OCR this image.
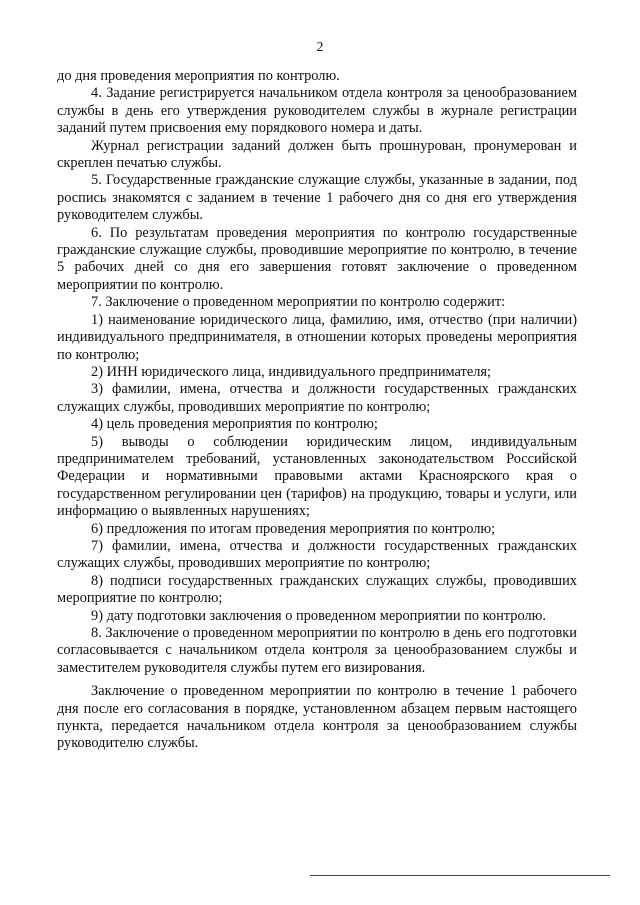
2

до дня проведения мероприятия по контролю.

4. Задание регистрируется начальником отдела контроля за ценообразованием службы в день его утверждения руководителем службы в журнале регистрации заданий путем присвоения ему порядкового номера и даты.

Журнал регистрации заданий должен быть прошнурован, пронумерован и скреплен печатью службы.

5. Государственные гражданские служащие службы, указанные в задании, под роспись знакомятся с заданием в течение 1 рабочего дня со дня его утверждения руководителем службы.

6. По результатам проведения мероприятия по контролю государственные гражданские служащие службы, проводившие мероприятие по контролю, в течение 5 рабочих дней со дня его завершения готовят заключение о проведенном мероприятии по контролю.

7. Заключение о проведенном мероприятии по контролю содержит:

1) наименование юридического лица, фамилию, имя, отчество (при наличии) индивидуального предпринимателя, в отношении которых проведены мероприятия по контролю;

2) ИНН юридического лица, индивидуального предпринимателя;

3) фамилии, имена, отчества и должности государственных гражданских служащих службы, проводивших мероприятие по контролю;

4) цель проведения мероприятия по контролю;

5) выводы о соблюдении юридическим лицом, индивидуальным предпринимателем требований, установленных законодательством Российской Федерации и нормативными правовыми актами Красноярского края о государственном регулировании цен (тарифов) на продукцию, товары и услуги, или информацию о выявленных нарушениях;

6) предложения по итогам проведения мероприятия по контролю;

7) фамилии, имена, отчества и должности государственных гражданских служащих службы, проводивших мероприятие по контролю;

8) подписи государственных гражданских служащих службы, проводивших мероприятие по контролю;

9) дату подготовки заключения о проведенном мероприятии по контролю.

8. Заключение о проведенном мероприятии по контролю в день его подготовки согласовывается с начальником отдела контроля за ценообразованием службы и заместителем руководителя службы путем его визирования.

Заключение о проведенном мероприятии по контролю в течение 1 рабочего дня после его согласования в порядке, установленном абзацем первым настоящего пункта, передается начальником отдела контроля за ценообразованием службы руководителю службы.
